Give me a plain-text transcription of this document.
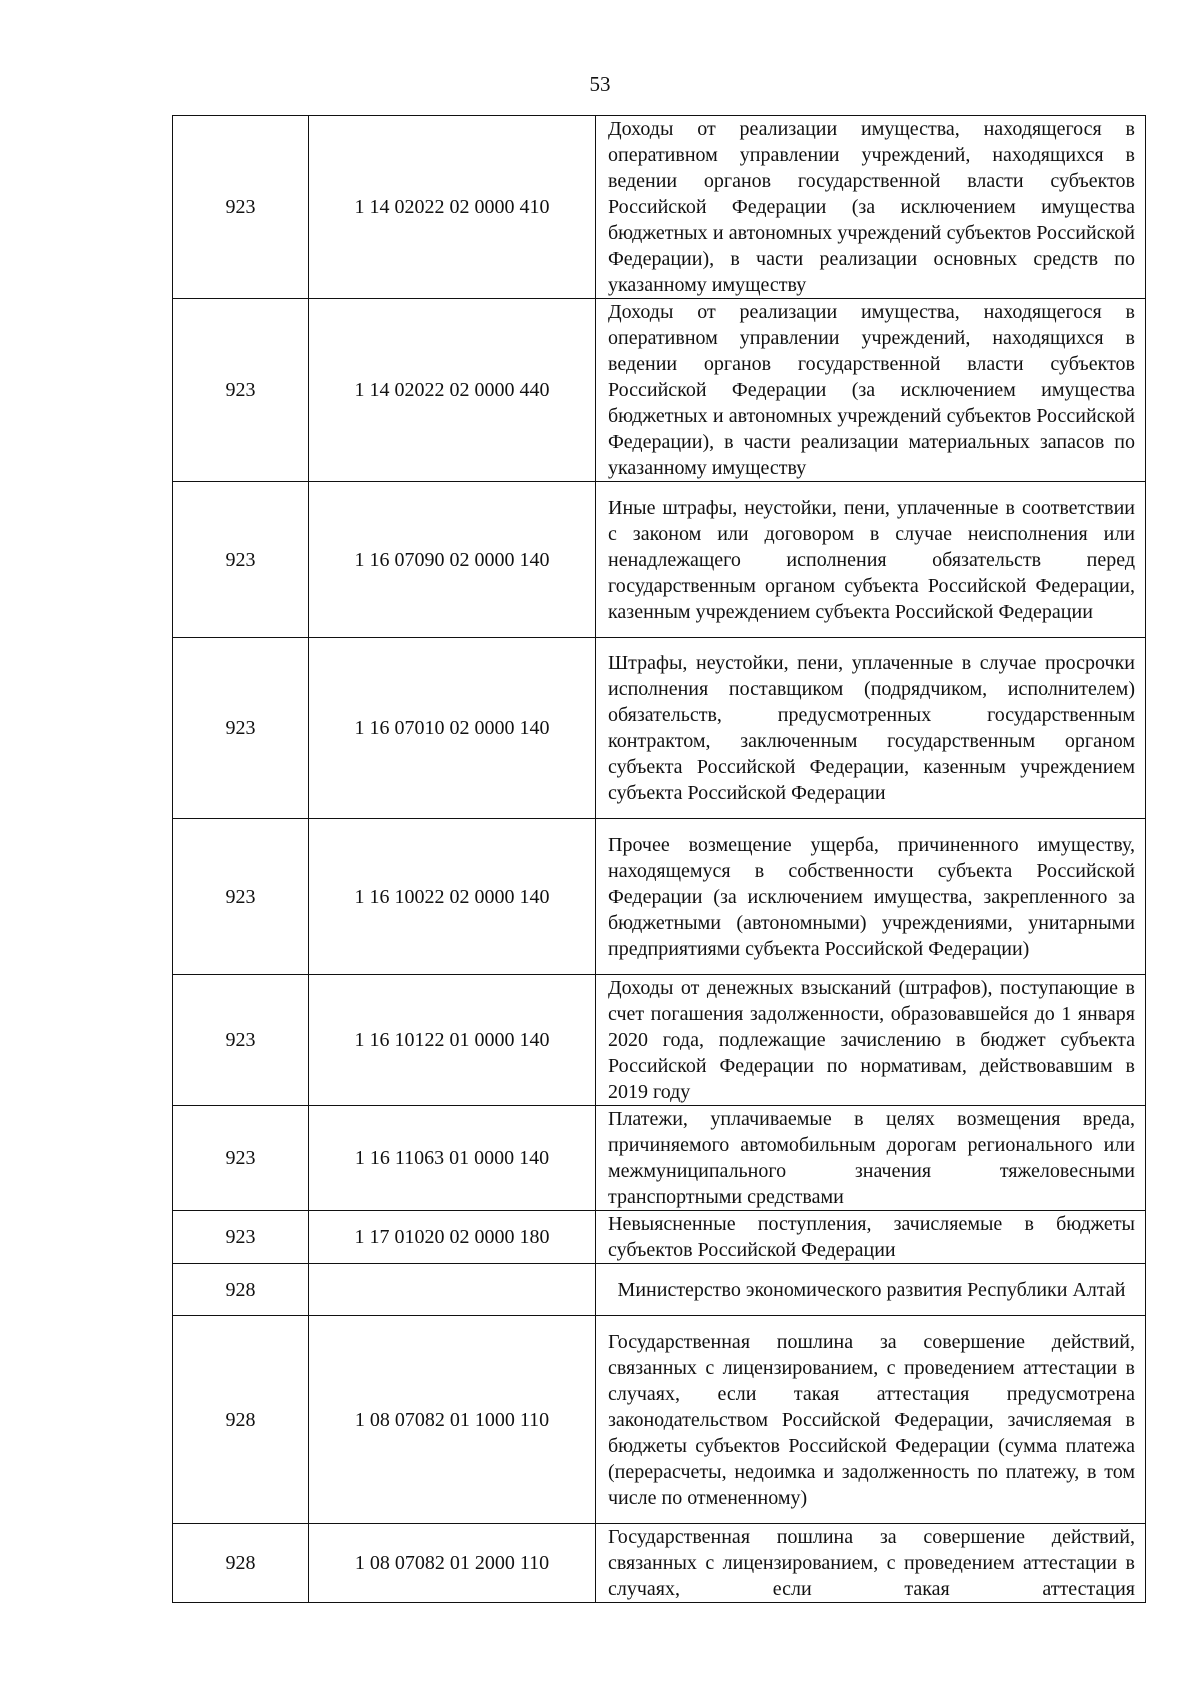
53
923	1 14 02022 02 0000 410	Доходы от реализации имущества, находящегося в оперативном управлении учреждений, находящихся в ведении органов государственной власти субъектов Российской Федерации (за исключением имущества бюджетных и автономных учреждений субъектов Российской Федерации), в части реализации основных средств по указанному имуществу

923	1 14 02022 02 0000 440	Доходы от реализации имущества, находящегося в оперативном управлении учреждений, находящихся в ведении органов государственной власти субъектов Российской Федерации (за исключением имущества бюджетных и автономных учреждений субъектов Российской Федерации), в части реализации материальных запасов по указанному имуществу

923	1 16 07090 02 0000 140	Иные штрафы, неустойки, пени, уплаченные в соответствии с законом или договором в случае неисполнения или ненадлежащего исполнения обязательств перед государственным органом субъекта Российской Федерации, казенным учреждением субъекта Российской Федерации

923	1 16 07010 02 0000 140	Штрафы, неустойки, пени, уплаченные в случае просрочки исполнения поставщиком (подрядчиком, исполнителем) обязательств, предусмотренных государственным контрактом, заключенным государственным органом субъекта Российской Федерации, казенным учреждением субъекта Российской Федерации

923	1 16 10022 02 0000 140	Прочее возмещение ущерба, причиненного имуществу, находящемуся в собственности субъекта Российской Федерации (за исключением имущества, закрепленного за бюджетными (автономными) учреждениями, унитарными предприятиями субъекта Российской Федерации)

923	1 16 10122 01 0000 140	Доходы от денежных взысканий (штрафов), поступающие в счет погашения задолженности, образовавшейся до 1 января 2020 года, подлежащие зачислению в бюджет субъекта Российской Федерации по нормативам, действовавшим в 2019 году

923	1 16 11063 01 0000 140	Платежи, уплачиваемые в целях возмещения вреда, причиняемого автомобильным дорогам регионального или межмуниципального значения тяжеловесными транспортными средствами

923	1 17 01020 02 0000 180	Невыясненные поступления, зачисляемые в бюджеты субъектов Российской Федерации

928		Министерство экономического развития Республики Алтай

928	1 08 07082 01 1000 110	Государственная пошлина за совершение действий, связанных с лицензированием, с проведением аттестации в случаях, если такая аттестация предусмотрена законодательством Российской Федерации, зачисляемая в бюджеты субъектов Российской Федерации (сумма платежа (перерасчеты, недоимка и задолженность по платежу, в том числе по отмененному)

928	1 08 07082 01 2000 110	Государственная пошлина за совершение действий, связанных с лицензированием, с проведением аттестации в случаях, если такая аттестация
